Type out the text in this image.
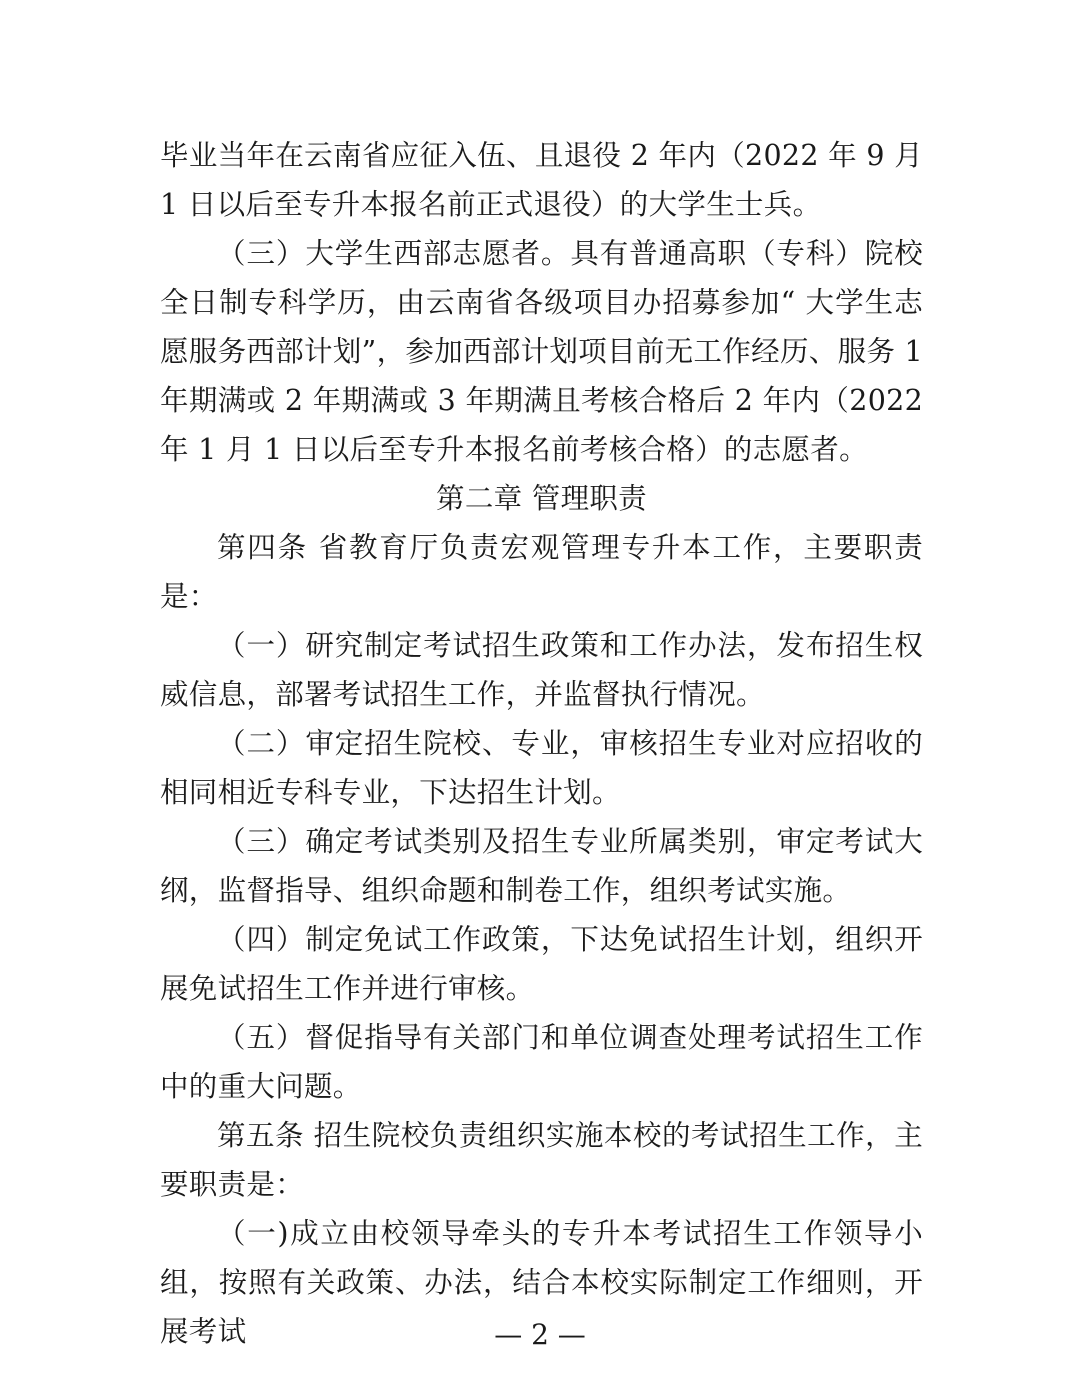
毕业当年在云南省应征入伍、且退役 2 年内（2022 年 9 月 1 日以后至专升本报名前正式退役）的大学生士兵。

（三）大学生西部志愿者。具有普通高职（专科）院校全日制专科学历，由云南省各级项目办招募参加“ 大学生志愿服务西部计划”，参加西部计划项目前无工作经历、服务 1 年期满或 2 年期满或 3 年期满且考核合格后 2 年内（2022 年 1 月 1 日以后至专升本报名前考核合格）的志愿者。

第二章 管理职责

第四条 省教育厅负责宏观管理专升本工作，主要职责是：

（一）研究制定考试招生政策和工作办法，发布招生权威信息，部署考试招生工作，并监督执行情况。

（二）审定招生院校、专业，审核招生专业对应招收的相同相近专科专业，下达招生计划。

（三）确定考试类别及招生专业所属类别，审定考试大纲，监督指导、组织命题和制卷工作，组织考试实施。

（四）制定免试工作政策，下达免试招生计划，组织开展免试招生工作并进行审核。

（五）督促指导有关部门和单位调查处理考试招生工作中的重大问题。

第五条 招生院校负责组织实施本校的考试招生工作，主要职责是：

（一)成立由校领导牵头的专升本考试招生工作领导小组，按照有关政策、办法，结合本校实际制定工作细则，开展考试	— 2 —
